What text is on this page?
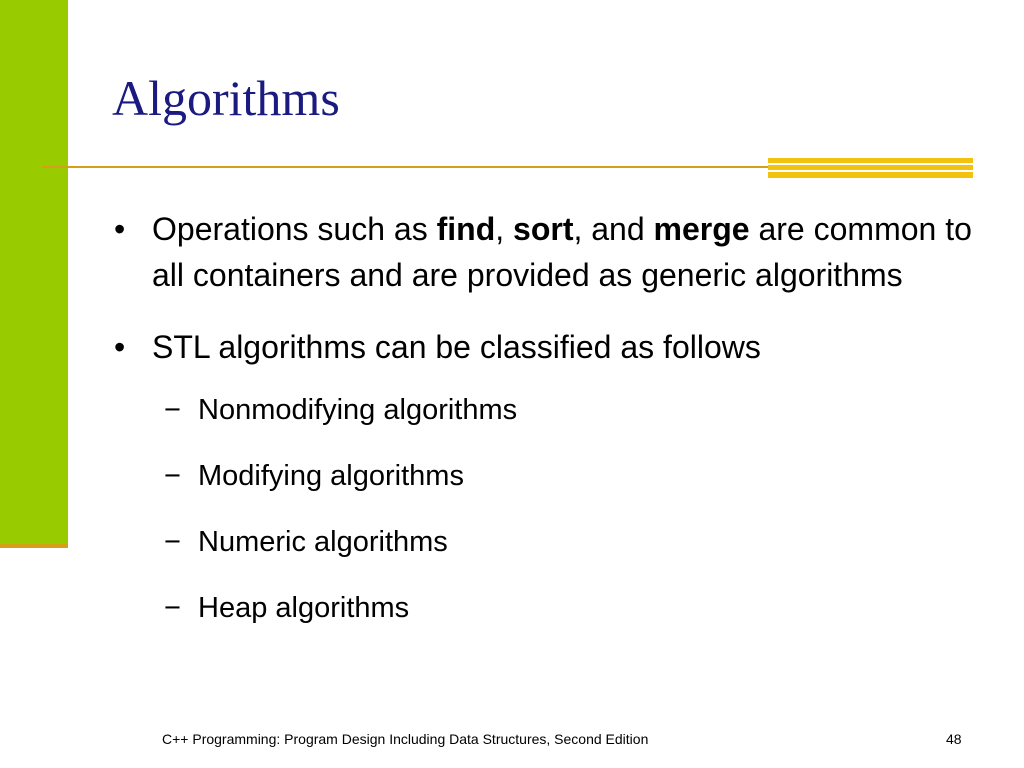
Algorithms
• Operations such as find, sort, and merge are common to all containers and are provided as generic algorithms
• STL algorithms can be classified as follows
− Nonmodifying algorithms
− Modifying algorithms
− Numeric algorithms
− Heap algorithms
C++ Programming: Program Design Including Data Structures, Second Edition	48
